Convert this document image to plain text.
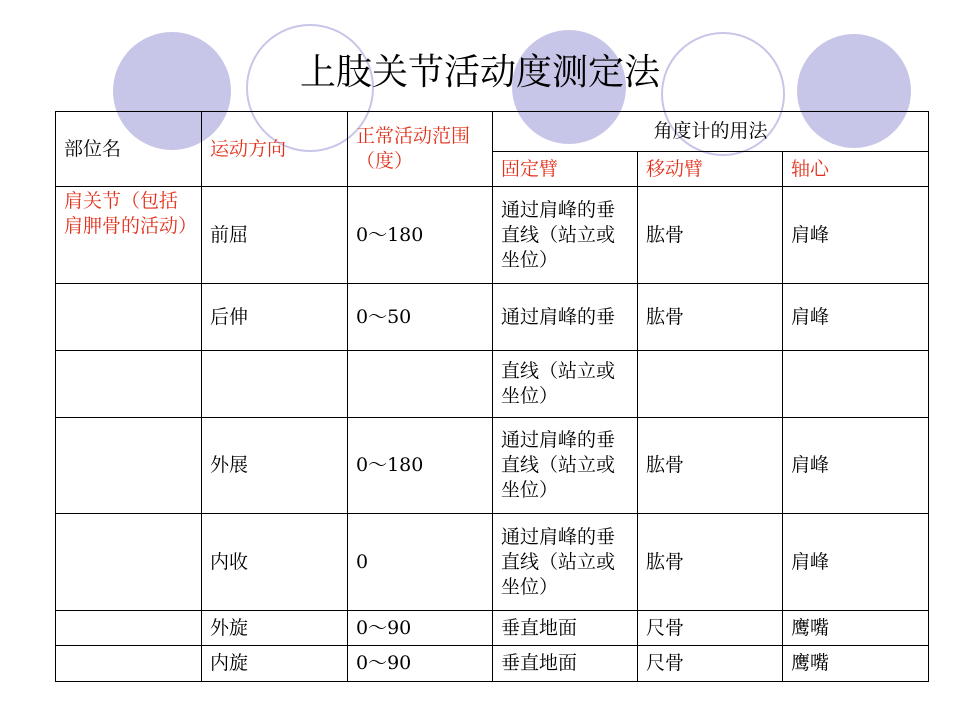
上肢关节活动度测定法
部位名	运动方向	正常活动范围（度）	角度计的用法		
			固定臂	移动臂	轴心
肩关节（包括肩胛骨的活动）	前屈	0～180	通过肩峰的垂直线（站立或坐位）	肱骨	肩峰
	后伸	0～50	通过肩峰的垂	肱骨	肩峰
			直线（站立或坐位）		
	外展	0～180	通过肩峰的垂直线（站立或坐位）	肱骨	肩峰
	内收	0	通过肩峰的垂直线（站立或坐位）	肱骨	肩峰
	外旋	0～90	垂直地面	尺骨	鹰嘴
	内旋	0～90	垂直地面	尺骨	鹰嘴
